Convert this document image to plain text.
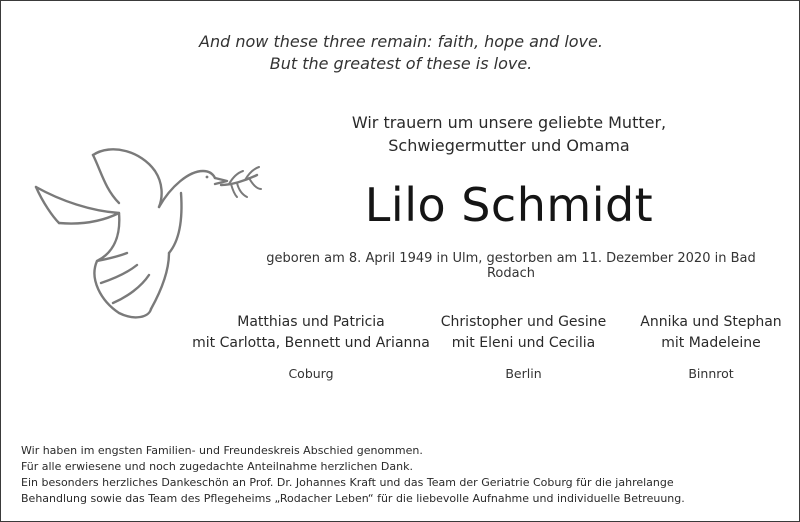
And now these three remain: faith, hope and love.
But the greatest of these is love.
Wir trauern um unsere geliebte Mutter,
Schwiegermutter und Omama
Lilo Schmidt
geboren am 8. April 1949 in Ulm, gestorben am 11. Dezember 2020 in Bad Rodach
Matthias und Patricia
mit Carlotta, Bennett und Arianna
Christopher und Gesine
mit Eleni und Cecilia
Annika und Stephan
mit Madeleine
Coburg	Berlin	Binnrot
Wir haben im engsten Familien- und Freundeskreis Abschied genommen.
Für alle erwiesene und noch zugedachte Anteilnahme herzlichen Dank.
Ein besonders herzliches Dankeschön an Prof. Dr. Johannes Kraft und das Team der Geriatrie Coburg für die jahrelange
Behandlung sowie das Team des Pflegeheims „Rodacher Leben“ für die liebevolle Aufnahme und individuelle Betreuung.
